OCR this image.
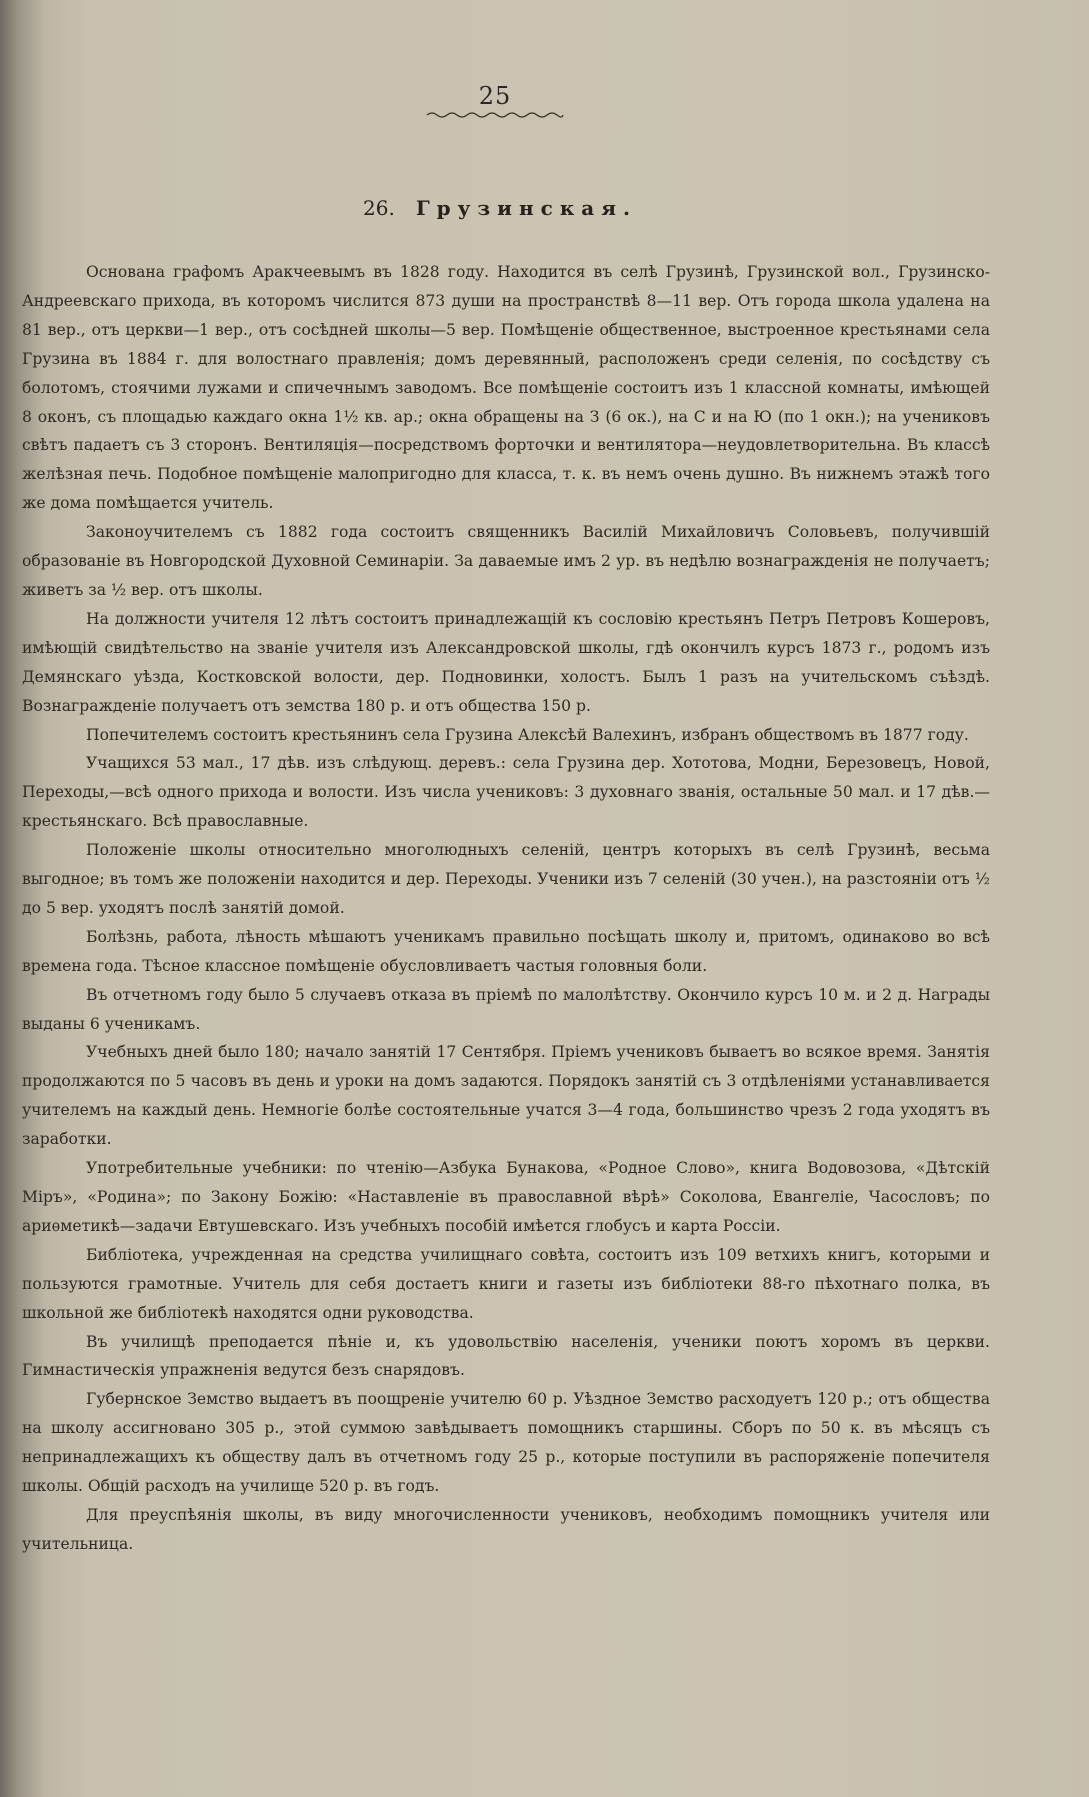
25
26. Грузинская.

Основана графомъ Аракчеевымъ въ 1828 году. Находится въ селѣ Грузинѣ, Грузинской вол., Грузинско-Андреевскаго прихода, въ которомъ числится 873 души на пространствѣ 8—11 вер. Отъ города школа удалена на 81 вер., отъ церкви—1 вер., отъ сосѣдней школы—5 вер. Помѣщеніе общественное, выстроенное крестьянами села Грузина въ 1884 г. для волостнаго правленія; домъ деревянный, расположенъ среди селенія, по сосѣдству съ болотомъ, стоячими лужами и спичечнымъ заводомъ. Все помѣщеніе состоитъ изъ 1 классной комнаты, имѣющей 8 оконъ, съ площадью каждаго окна 1½ кв. ар.; окна обращены на З (6 ок.), на С и на Ю (по 1 окн.); на учениковъ свѣтъ падаетъ съ 3 сторонъ. Вентиляція—посредствомъ форточки и вентилятора—неудовлетворительна. Въ классѣ желѣзная печь. Подобное помѣщеніе малопригодно для класса, т. к. въ немъ очень душно. Въ нижнемъ этажѣ того же дома помѣщается учитель.

Законоучителемъ съ 1882 года состоитъ священникъ Василій Михайловичъ Соловьевъ, получившій образованіе въ Новгородской Духовной Семинаріи. За даваемые имъ 2 ур. въ недѣлю вознагражденія не получаетъ; живетъ за ½ вер. отъ школы.

На должности учителя 12 лѣтъ состоитъ принадлежащій къ сословію крестьянъ Петръ Петровъ Кошеровъ, имѣющій свидѣтельство на званіе учителя изъ Александровской школы, гдѣ окончилъ курсъ 1873 г., родомъ изъ Демянскаго уѣзда, Костковской волости, дер. Подновинки, холостъ. Былъ 1 разъ на учительскомъ съѣздѣ. Вознагражденіе получаетъ отъ земства 180 р. и отъ общества 150 р.

Попечителемъ состоитъ крестьянинъ села Грузина Алексѣй Валехинъ, избранъ обществомъ въ 1877 году.

Учащихся 53 мал., 17 дѣв. изъ слѣдующ. деревъ.: села Грузина дер. Хототова, Модни, Березовецъ, Новой, Переходы,—всѣ одного прихода и волости. Изъ числа учениковъ: 3 духовнаго званія, остальные 50 мал. и 17 дѣв.—крестьянскаго. Всѣ православные.

Положеніе школы относительно многолюдныхъ селеній, центръ которыхъ въ селѣ Грузинѣ, весьма выгодное; въ томъ же положеніи находится и дер. Переходы. Ученики изъ 7 селеній (30 учен.), на разстояніи отъ ½ до 5 вер. уходятъ послѣ занятій домой.

Болѣзнь, работа, лѣность мѣшаютъ ученикамъ правильно посѣщать школу и, притомъ, одинаково во всѣ времена года. Тѣсное классное помѣщеніе обусловливаетъ частыя головныя боли.

Въ отчетномъ году было 5 случаевъ отказа въ пріемѣ по малолѣтству. Окончило курсъ 10 м. и 2 д. Награды выданы 6 ученикамъ.

Учебныхъ дней было 180; начало занятій 17 Сентября. Пріемъ учениковъ бываетъ во всякое время. Занятія продолжаются по 5 часовъ въ день и уроки на домъ задаются. Порядокъ занятій съ 3 отдѣленіями устанавливается учителемъ на каждый день. Немногіе болѣе состоятельные учатся 3—4 года, большинство чрезъ 2 года уходятъ въ заработки.

Употребительные учебники: по чтенію—Азбука Бунакова, «Родное Слово», книга Водовозова, «Дѣтскій Міръ», «Родина»; по Закону Божію: «Наставленіе въ православной вѣрѣ» Соколова, Евангеліе, Часословъ; по ариѳметикѣ—задачи Евтушевскаго. Изъ учебныхъ пособій имѣется глобусъ и карта Россіи.

Библіотека, учрежденная на средства училищнаго совѣта, состоитъ изъ 109 ветхихъ книгъ, которыми и пользуются грамотные. Учитель для себя достаетъ книги и газеты изъ библіотеки 88-го пѣхотнаго полка, въ школьной же библіотекѣ находятся одни руководства.

Въ училищѣ преподается пѣніе и, къ удовольствію населенія, ученики поютъ хоромъ въ церкви. Гимнастическія упражненія ведутся безъ снарядовъ.

Губернское Земство выдаетъ въ поощреніе учителю 60 р. Уѣздное Земство расходуетъ 120 р.; отъ общества на школу ассигновано 305 р., этой суммою завѣдываетъ помощникъ старшины. Сборъ по 50 к. въ мѣсяцъ съ непринадлежащихъ къ обществу далъ въ отчетномъ году 25 р., которые поступили въ распоряженіе попечителя школы. Общій расходъ на училище 520 р. въ годъ.

Для преуспѣянія школы, въ виду многочисленности учениковъ, необходимъ помощникъ учителя или учительница.
